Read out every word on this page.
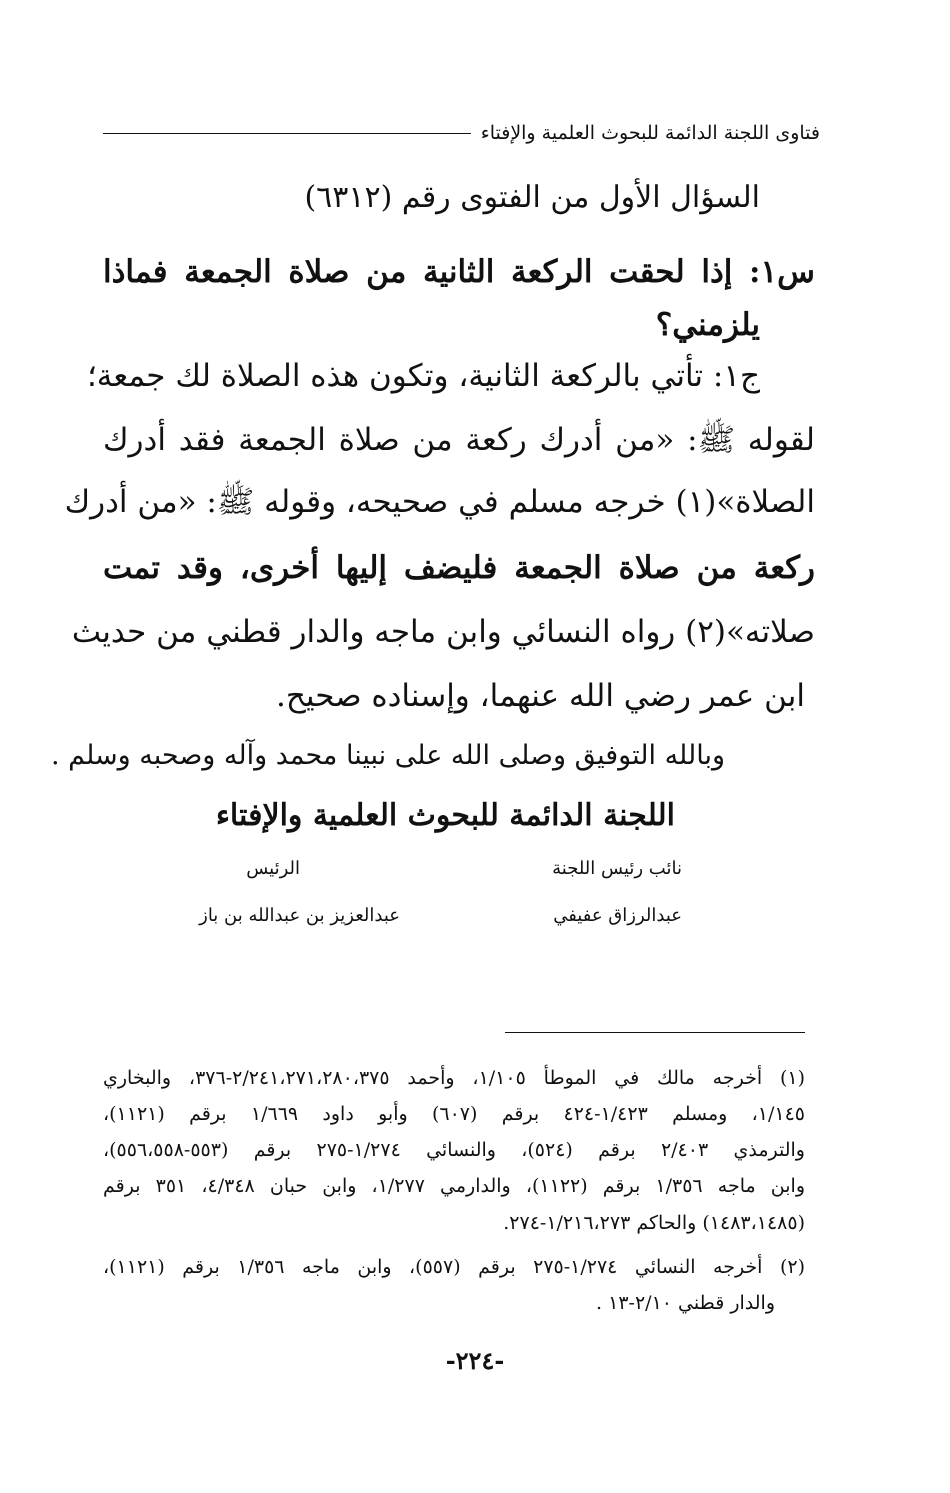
فتاوى اللجنة الدائمة للبحوث العلمية والإفتاء
السؤال الأول من الفتوى رقم (٦٣١٢)
س١: إذا لحقت الركعة الثانية من صلاة الجمعة فماذا
يلزمني؟
ج١: تأتي بالركعة الثانية، وتكون هذه الصلاة لك جمعة؛
لقوله ﷺ: «من أدرك ركعة من صلاة الجمعة فقد أدرك
الصلاة»(١) خرجه مسلم في صحيحه، وقوله ﷺ: «من أدرك
ركعة من صلاة الجمعة فليضف إليها أخرى، وقد تمت
صلاته»(٢) رواه النسائي وابن ماجه والدار قطني من حديث
ابن عمر رضي الله عنهما، وإسناده صحيح.
وبالله التوفيق وصلى الله على نبينا محمد وآله وصحبه وسلم .
اللجنة الدائمة للبحوث العلمية والإفتاء
نائب رئيس اللجنة
الرئيس
عبدالرزاق عفيفي
عبدالعزيز بن عبدالله بن باز
(١) أخرجه مالك في الموطأ ١/١٠٥، وأحمد ٢/٢٤١،٢٧١،٢٨٠،٣٧٥-٣٧٦، والبخاري
١/١٤٥، ومسلم ١/٤٢٣-٤٢٤ برقم (٦٠٧) وأبو داود ١/٦٦٩ برقم (١١٢١)،
والترمذي ٢/٤٠٣ برقم (٥٢٤)، والنسائي ١/٢٧٤-٢٧٥ برقم (٥٥٣-٥٥٦،٥٥٨)،
وابن ماجه ١/٣٥٦ برقم (١١٢٢)، والدارمي ١/٢٧٧، وابن حبان ٤/٣٤٨، ٣٥١ برقم
(١٤٨٣،١٤٨٥) والحاكم ١/٢١٦،٢٧٣-٢٧٤.
(٢) أخرجه النسائي ١/٢٧٤-٢٧٥ برقم (٥٥٧)، وابن ماجه ١/٣٥٦ برقم (١١٢١)،
والدار قطني ٢/١٠-١٣ .
-٢٢٤-
